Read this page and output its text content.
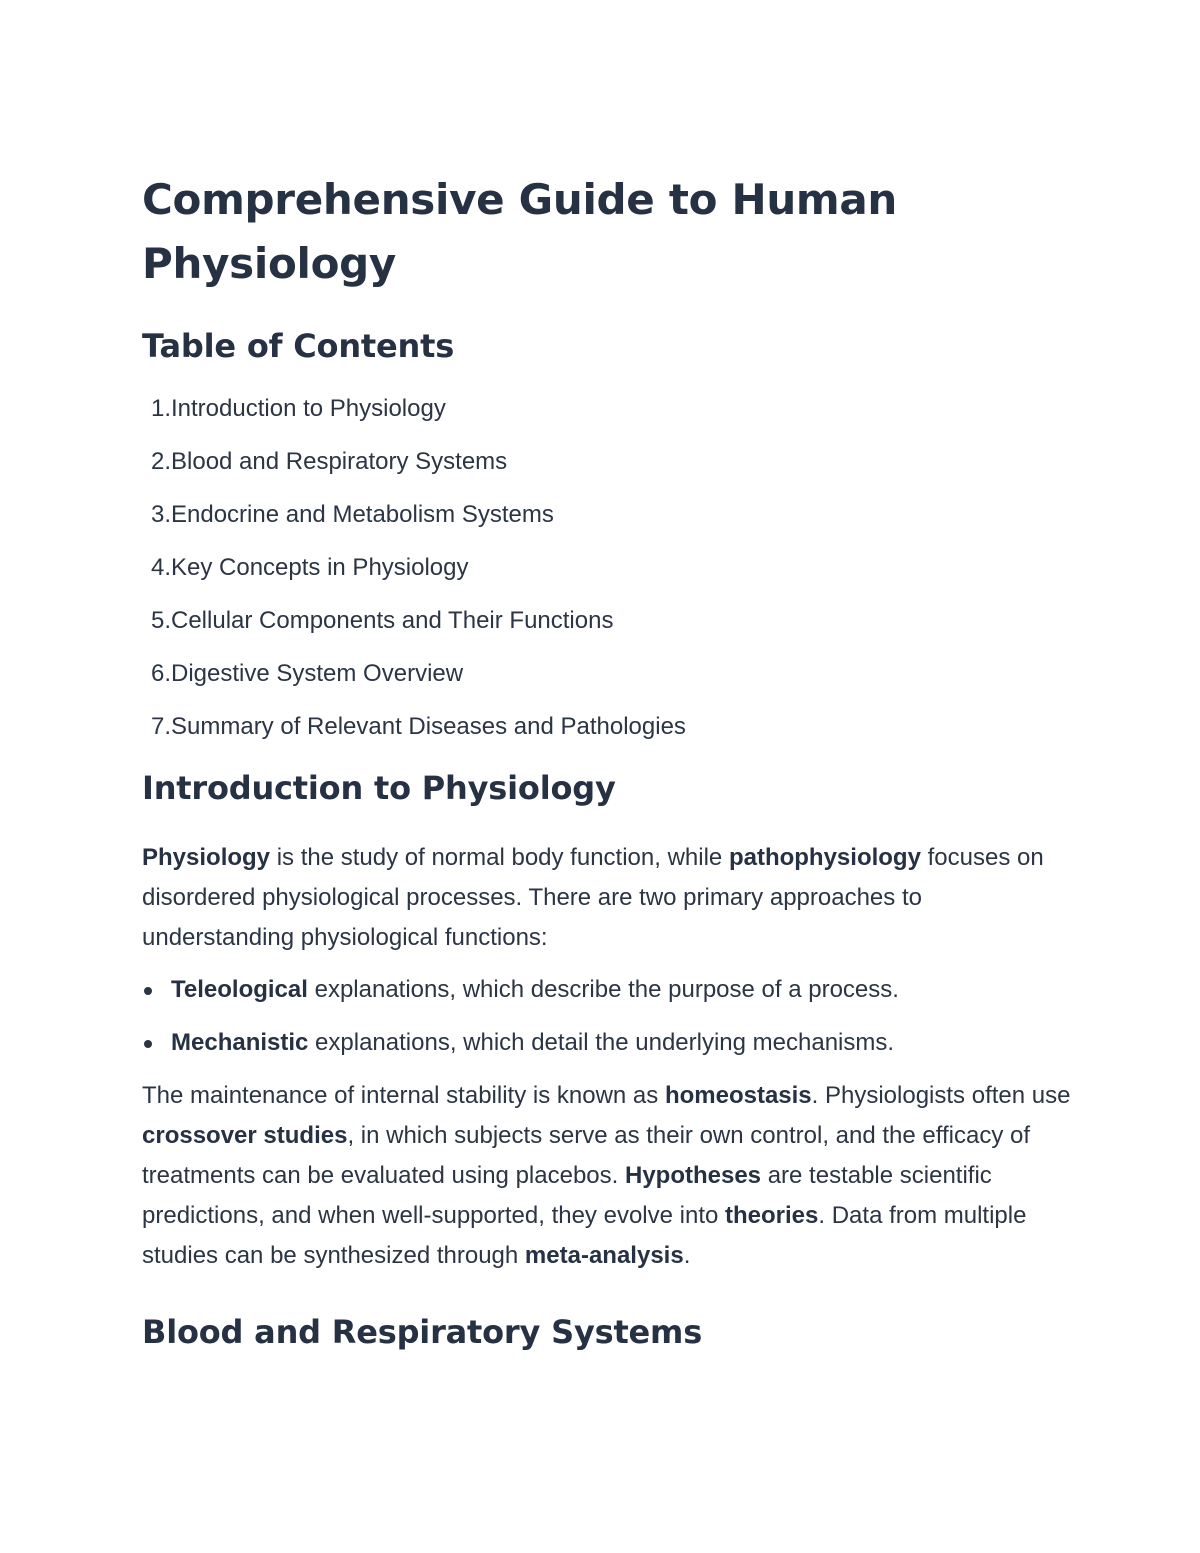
Comprehensive Guide to Human Physiology
Table of Contents
1. Introduction to Physiology
2. Blood and Respiratory Systems
3. Endocrine and Metabolism Systems
4. Key Concepts in Physiology
5. Cellular Components and Their Functions
6. Digestive System Overview
7. Summary of Relevant Diseases and Pathologies
Introduction to Physiology

Physiology is the study of normal body function, while pathophysiology focuses on disordered physiological processes. There are two primary approaches to understanding physiological functions:

Teleological explanations, which describe the purpose of a process.
Mechanistic explanations, which detail the underlying mechanisms.

The maintenance of internal stability is known as homeostasis. Physiologists often use crossover studies, in which subjects serve as their own control, and the efficacy of treatments can be evaluated using placebos. Hypotheses are testable scientific predictions, and when well-supported, they evolve into theories. Data from multiple studies can be synthesized through meta-analysis.

Blood and Respiratory Systems
